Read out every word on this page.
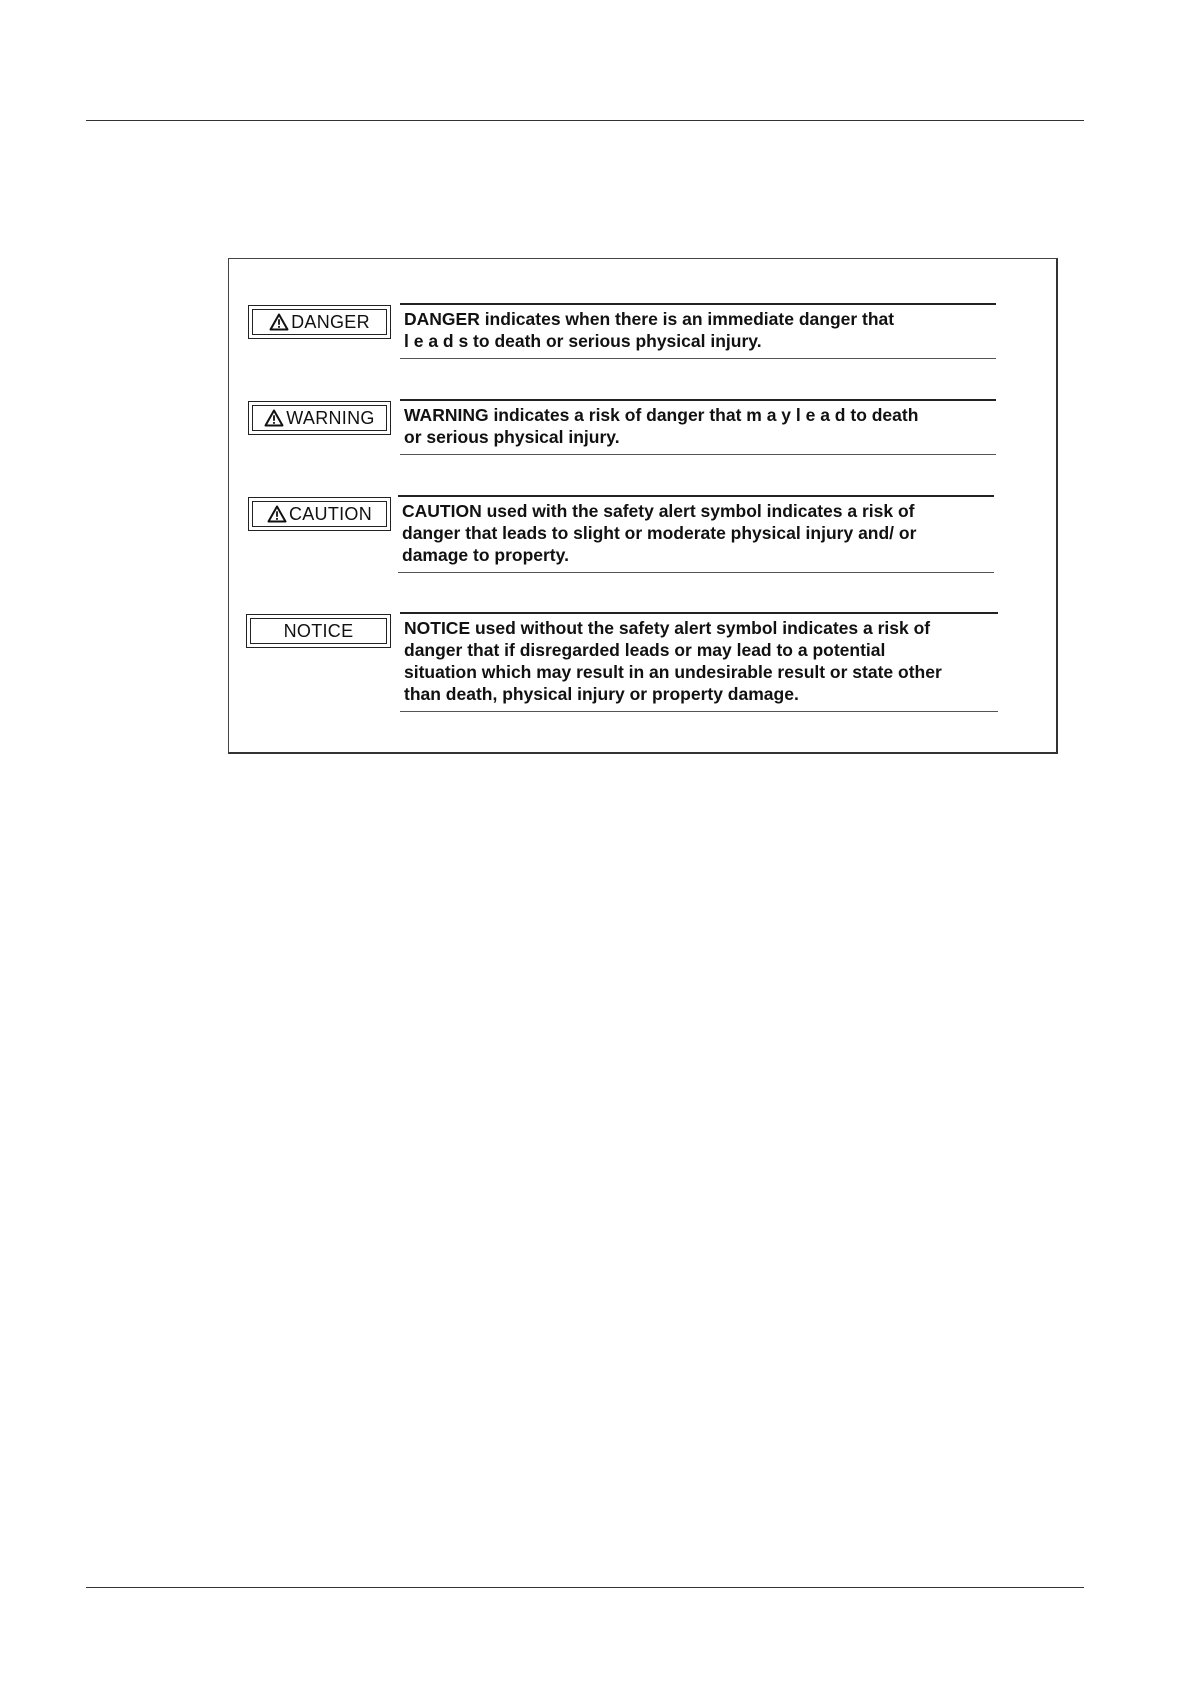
DANGER DANGER indicates when there is an immediate danger that

l e a d s to death or serious physical injury.

WARNING WARNING indicates a risk of danger that m a y l e a d to death

or serious physical injury.

CAUTION CAUTION used with the safety alert symbol indicates a risk of

danger that leads to slight or moderate physical injury and/ or

damage to property.

NOTICE	NOTICE used without the safety alert symbol indicates a risk of

danger that if disregarded leads or may lead to a potential

situation which may result in an undesirable result or state other

than death, physical injury or property damage.
